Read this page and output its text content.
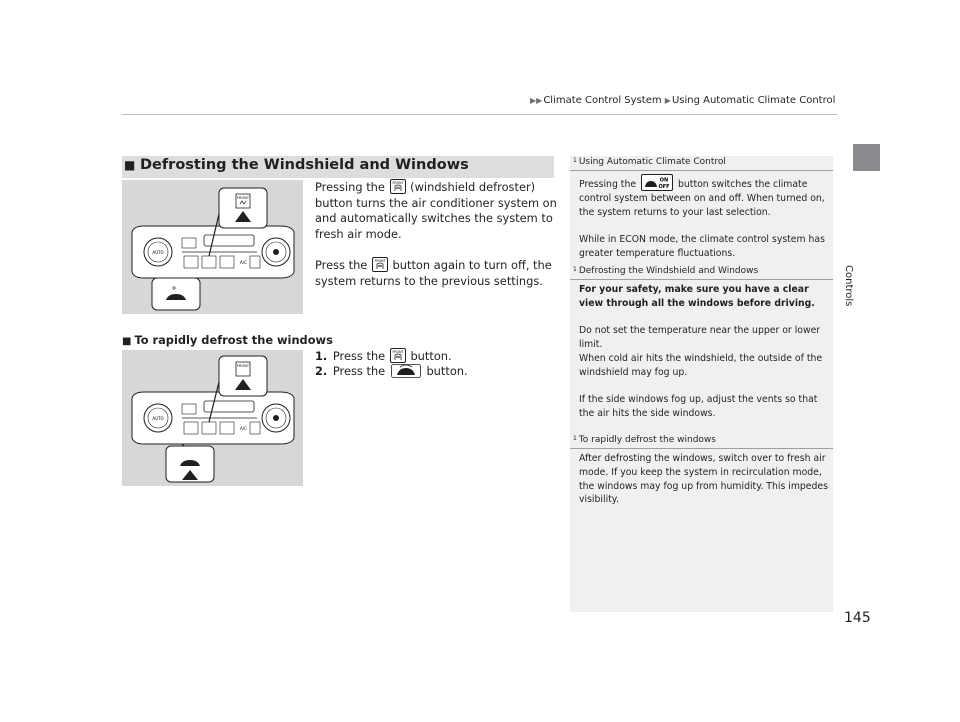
▶▶Climate Control System ▶Using Automatic Climate Control
Controls
145
■ Defrosting the Windshield and Windows
AUTO
A/C
FRONT
Pressing the FRONT (windshield defroster) button turns the air conditioner system on and automatically switches the system to fresh air mode.
Press the FRONT button again to turn off, the system returns to the previous settings.
■ To rapidly defrost the windows
1. Press the FRONT button.
2. Press the	button.
AUTO
A/C
FRONT
$^1$ Using Automatic Climate Control

Pressing the	ON
OFF button switches the climate control system between on and off. When turned on, the system returns to your last selection.

While in ECON mode, the climate control system has greater temperature fluctuations.

$^1$ Defrosting the Windshield and Windows

For your safety, make sure you have a clear view through all the windows before driving.

Do not set the temperature near the upper or lower limit.

When cold air hits the windshield, the outside of the windshield may fog up.

If the side windows fog up, adjust the vents so that the air hits the side windows.

$^1$ To rapidly defrost the windows

After defrosting the windows, switch over to fresh air mode. If you keep the system in recirculation mode, the windows may fog up from humidity. This impedes visibility.
